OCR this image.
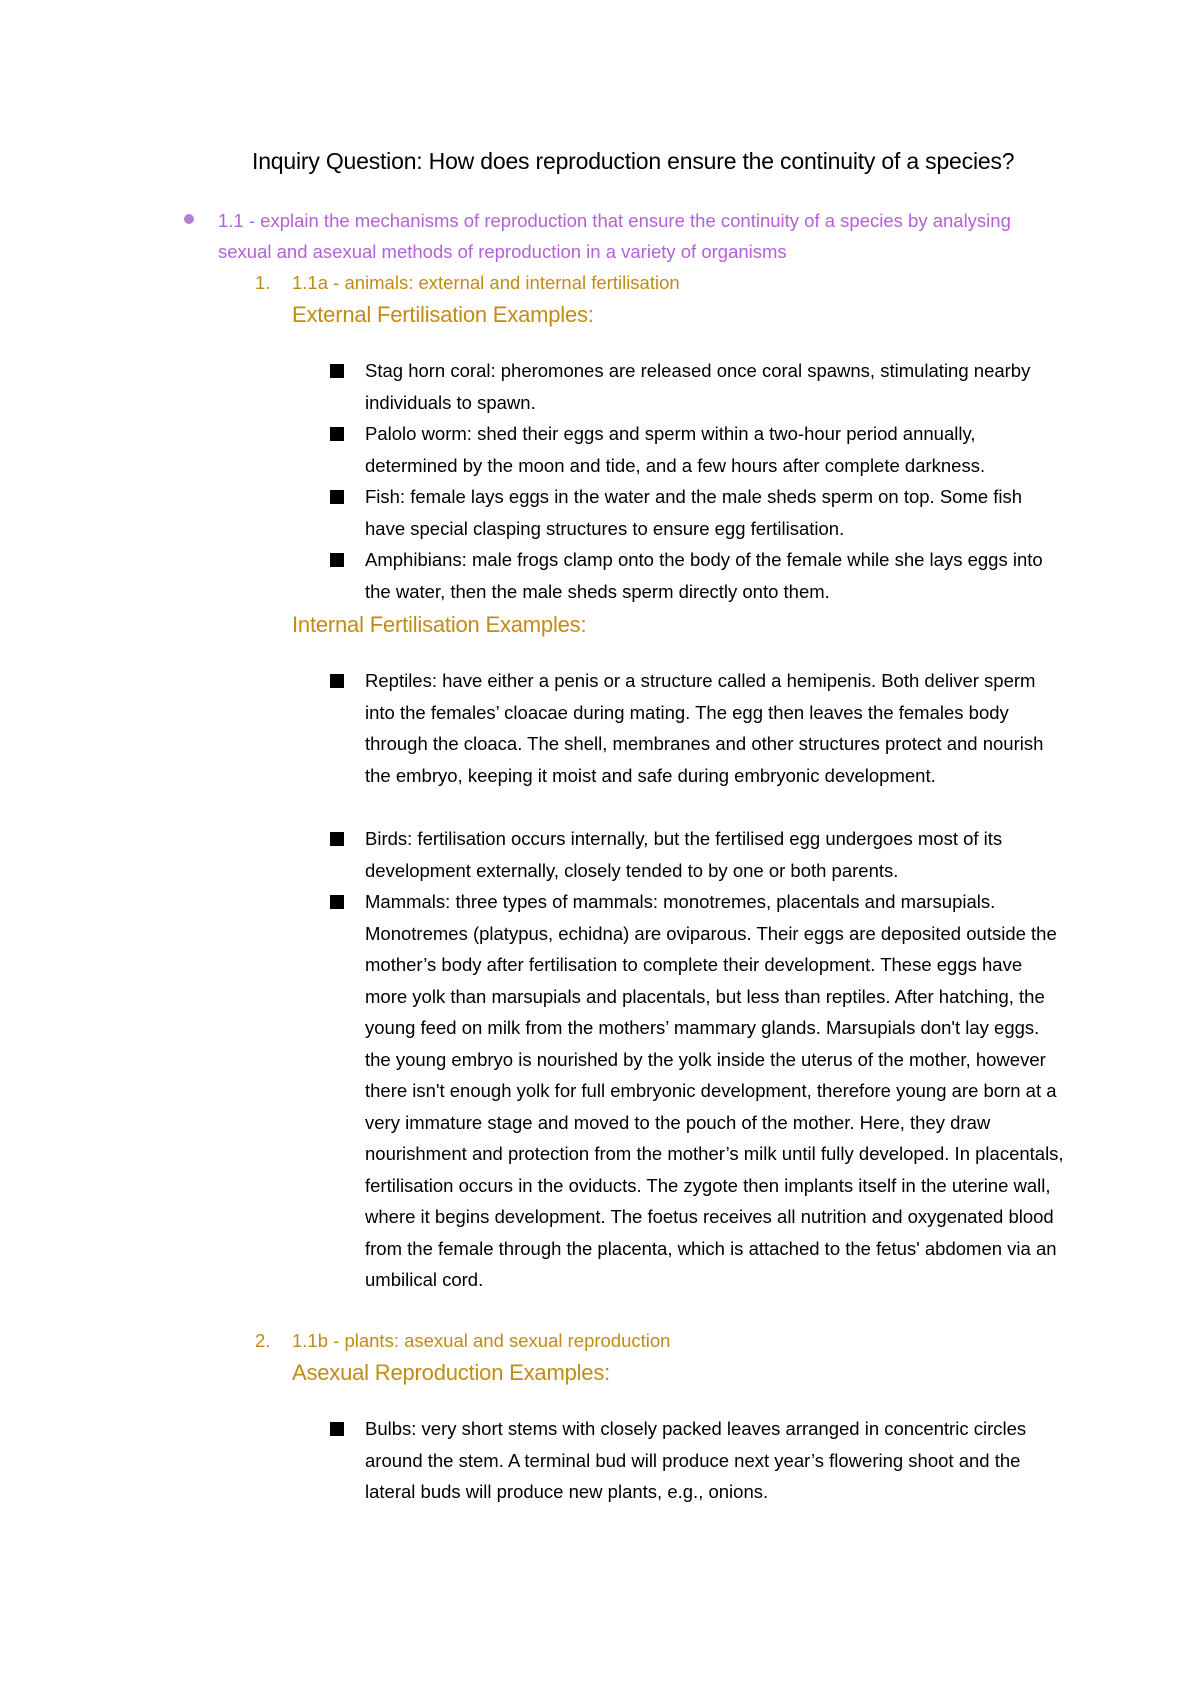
Inquiry Question: How does reproduction ensure the continuity of a species?
1.1 - explain the mechanisms of reproduction that ensure the continuity of a species by analysing sexual and asexual methods of reproduction in a variety of organisms
1. 1.1a - animals: external and internal fertilisation
External Fertilisation Examples:
Stag horn coral: pheromones are released once coral spawns, stimulating nearby individuals to spawn.
Palolo worm: shed their eggs and sperm within a two-hour period annually, determined by the moon and tide, and a few hours after complete darkness.
Fish: female lays eggs in the water and the male sheds sperm on top. Some fish have special clasping structures to ensure egg fertilisation.
Amphibians: male frogs clamp onto the body of the female while she lays eggs into the water, then the male sheds sperm directly onto them.
Internal Fertilisation Examples:
Reptiles: have either a penis or a structure called a hemipenis. Both deliver sperm into the females’ cloacae during mating. The egg then leaves the females body through the cloaca. The shell, membranes and other structures protect and nourish the embryo, keeping it moist and safe during embryonic development.
Birds: fertilisation occurs internally, but the fertilised egg undergoes most of its development externally, closely tended to by one or both parents.
Mammals: three types of mammals: monotremes, placentals and marsupials. Monotremes (platypus, echidna) are oviparous. Their eggs are deposited outside the mother’s body after fertilisation to complete their development. These eggs have more yolk than marsupials and placentals, but less than reptiles. After hatching, the young feed on milk from the mothers’ mammary glands. Marsupials don't lay eggs. the young embryo is nourished by the yolk inside the uterus of the mother, however there isn't enough yolk for full embryonic development, therefore young are born at a very immature stage and moved to the pouch of the mother. Here, they draw nourishment and protection from the mother’s milk until fully developed. In placentals, fertilisation occurs in the oviducts. The zygote then implants itself in the uterine wall, where it begins development. The foetus receives all nutrition and oxygenated blood from the female through the placenta, which is attached to the fetus' abdomen via an umbilical cord.
2. 1.1b - plants: asexual and sexual reproduction
Asexual Reproduction Examples:
Bulbs: very short stems with closely packed leaves arranged in concentric circles around the stem. A terminal bud will produce next year’s flowering shoot and the lateral buds will produce new plants, e.g., onions.
